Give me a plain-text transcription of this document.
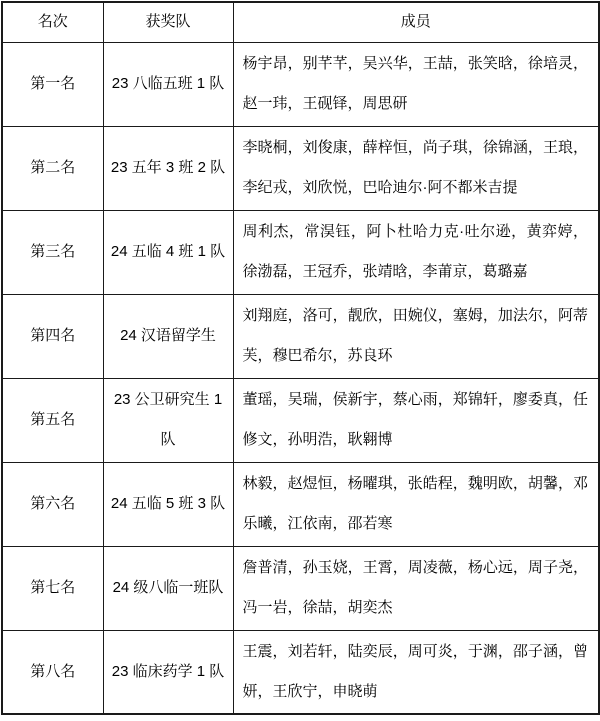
名次	获奖队	成员
第一名	23 八临五班 1 队	杨宇昂，别芊芊，吴兴华，王喆，张笑晗，徐培灵，赵一玮，王砚铎，周思研
第二名	23 五年 3 班 2 队	李晓桐，刘俊康，薛梓恒，尚子琪，徐锦涵，王琅，李纪戎，刘欣悦，巴哈迪尔·阿不都米吉提
第三名	24 五临 4 班 1 队	周利杰，常淏钰，阿卜杜哈力克·吐尔逊，黄弈婷，徐渤磊，王冠乔，张靖晗，李莆京，葛璐嘉
第四名	24 汉语留学生	刘翔庭，洛可，靓欣，田婉仪，塞姆，加法尔，阿蒂芙，穆巴希尔，苏良环
第五名	23 公卫研究生 1 队	董瑶，吴瑞，侯新宇，蔡心雨，郑锦轩，廖委真，任修文，孙明浩，耿翱博
第六名	24 五临 5 班 3 队	林毅，赵煜恒，杨曜琪，张皓程，魏明欧，胡馨，邓乐曦，江依南，邵若寒
第七名	24 级八临一班队	詹普清，孙玉娆，王霄，周凌薇，杨心远，周子尧，冯一岩，徐喆，胡奕杰
第八名	23 临床药学 1 队	王震，刘若轩，陆奕辰，周可炎，于渊，邵子涵，曾妍，王欣宁，申晓萌
